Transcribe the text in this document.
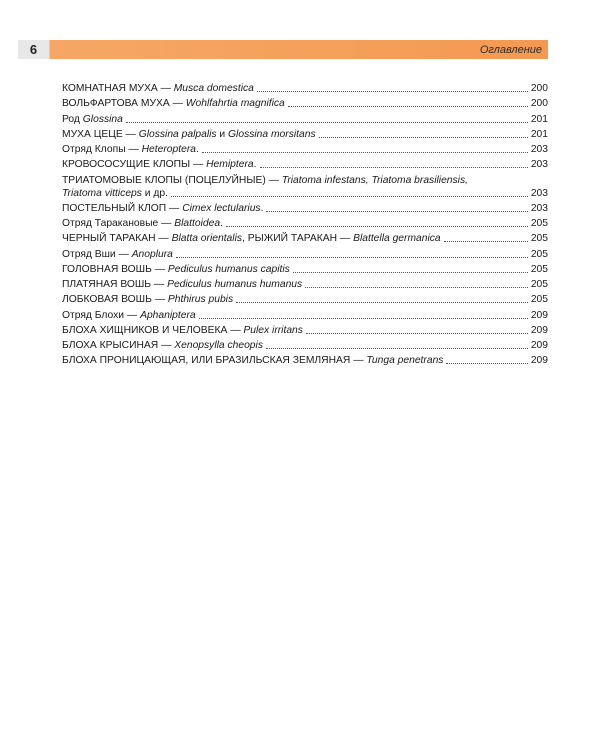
6	Оглавление
КОМНАТНАЯ МУХА — Musca domestica	200
ВОЛЬФАРТОВА МУХА — Wohlfahrtia magnifica	200
Род Glossina	201
МУХА ЦЕЦЕ — Glossina palpalis и Glossina morsitans	201
Отряд Клопы — Heteroptera.	203
КРОВОСОСУЩИЕ КЛОПЫ — Hemiptera.	203
ТРИАТОМОВЫЕ КЛОПЫ (ПОЦЕЛУЙНЫЕ) — Triatoma infestans, Triatoma brasiliensis,
Triatoma vitticeps и др.	203
ПОСТЕЛЬНЫЙ КЛОП — Cimex lectularius.	203
Отряд Таракановые — Blattoidea.	205
ЧЕРНЫЙ ТАРАКАН — Blatta orientalis, РЫЖИЙ ТАРАКАН — Blattella germanica	205
Отряд Вши — Anoplura	205
ГОЛОВНАЯ ВОШЬ — Pediculus humanus capitis	205
ПЛАТЯНАЯ ВОШЬ — Pediculus humanus humanus	205
ЛОБКОВАЯ ВОШЬ — Phthirus pubis	205
Отряд Блохи — Aphaniptera	209
БЛОХА ХИЩНИКОВ И ЧЕЛОВЕКА — Pulex irritans	209
БЛОХА КРЫСИНАЯ — Xenopsylla cheopis	209
БЛОХА ПРОНИЦАЮЩАЯ, ИЛИ БРАЗИЛЬСКАЯ ЗЕМЛЯНАЯ — Tunga penetrans	209
